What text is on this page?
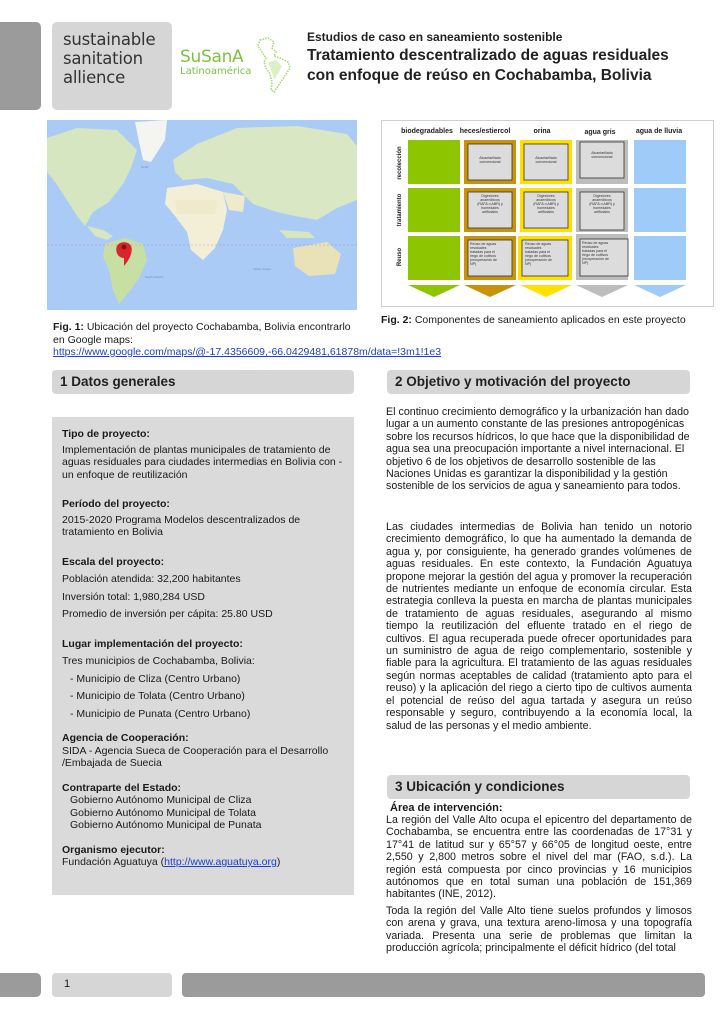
sustainable
sanitation
allience
SuSanA
Latinoamérica
Estudios de caso en saneamiento sostenible
Tratamiento descentralizado de aguas residuales
con enfoque de reúso en Cochabamba, Bolivia
North
South Atlantic
Indian Ocean
Fig. 1: Ubicación del proyecto Cochabamba, Bolivia encontrarlo en Google maps: https://www.google.com/maps/@-17.4356609,-66.0429481,61878m/data=!3m1!1e3
biodegradables heces/estiercol	orina	agua gris	agua de lluvia
recolección
tratamiento
Reuso
Alcantarillado
convencional
Alcantarillado
convencional
Alcantarillado
convencional
Digestores
anaeróbicos
(RAFA o ABR) y
humedales
artificiales
Digestores
anaeróbicos
(RAFA o ABR) y
humedales
artificiales
Digestores
anaeróbicos
(RAFA o ABR) y
humedales
artificiales
Reúso de aguas
residuales
tratadas para el
riego de cultivos
(recuperación de
NP)
Reúso de aguas
residuales
tratadas para el
riego de cultivos
(recuperación de
NP)
Reúso de aguas
residuales
tratadas para el
riego de cultivos
(recuperación de
NP)
Fig. 2: Componentes de saneamiento aplicados en este proyecto
1 Datos generales
Tipo de proyecto:
Implementación de plantas municipales de tratamiento de aguas residuales para ciudades intermedias en Bolivia con - un enfoque de reutilización
Período del proyecto:
2015-2020 Programa Modelos descentralizados de tratamiento en Bolivia
Escala del proyecto:
Población atendida: 32,200 habitantes
Inversión total: 1,980,284 USD
Promedio de inversión per cápita: 25.80 USD
Lugar implementación del proyecto:
Tres municipios de Cochabamba, Bolivia:
- Municipio de Cliza (Centro Urbano)
- Municipio de Tolata (Centro Urbano)
- Municipio de Punata (Centro Urbano)
Agencia de Cooperación:
SIDA - Agencia Sueca de Cooperación para el Desarrollo /Embajada de Suecia
Contraparte del Estado:
Gobierno Autónomo Municipal de Cliza
Gobierno Autónomo Municipal de Tolata
Gobierno Autónomo Municipal de Punata
Organismo ejecutor:
Fundación Aguatuya (http://www.aguatuya.org)
2 Objetivo y motivación del proyecto
El continuo crecimiento demográfico y la urbanización han dado lugar a un aumento constante de las presiones antropogénicas sobre los recursos hídricos, lo que hace que la disponibilidad de agua sea una preocupación importante a nivel internacional. El objetivo 6 de los objetivos de desarrollo sostenible de las Naciones Unidas es garantizar la disponibilidad y la gestión sostenible de los servicios de agua y saneamiento para todos.
Las ciudades intermedias de Bolivia han tenido un notorio crecimiento demográfico, lo que ha aumentado la demanda de agua y, por consiguiente, ha generado grandes volúmenes de aguas residuales. En este contexto, la Fundación Aguatuya propone mejorar la gestión del agua y promover la recuperación de nutrientes mediante un enfoque de economía circular. Esta estrategia conlleva la puesta en marcha de plantas municipales de tratamiento de aguas residuales, asegurando al mismo tiempo la reutilización del efluente tratado en el riego de cultivos. El agua recuperada puede ofrecer oportunidades para un suministro de agua de reigo complementario, sostenible y fiable para la agricultura. El tratamiento de las aguas residuales según normas aceptables de calidad (tratamiento apto para el reuso) y la aplicación del riego a cierto tipo de cultivos aumenta el potencial de reúso del agua tartada y asegura un reúso responsable y seguro, contribuyendo a la economía local, la salud de las personas y el medio ambiente.
3 Ubicación y condiciones
Área de intervención:
La región del Valle Alto ocupa el epicentro del departamento de Cochabamba, se encuentra entre las coordenadas de 17°31 y 17°41 de latitud sur y 65°57 y 66°05 de longitud oeste, entre 2,550 y 2,800 metros sobre el nivel del mar (FAO, s.d.). La región está compuesta por cinco provincias y 16 municipios autónomos que en total suman una población de 151,369 habitantes (INE, 2012).
Toda la región del Valle Alto tiene suelos profundos y limosos con arena y grava, una textura areno-limosa y una topografía variada. Presenta una serie de problemas que limitan la producción agrícola; principalmente el déficit hídrico (del total
1
